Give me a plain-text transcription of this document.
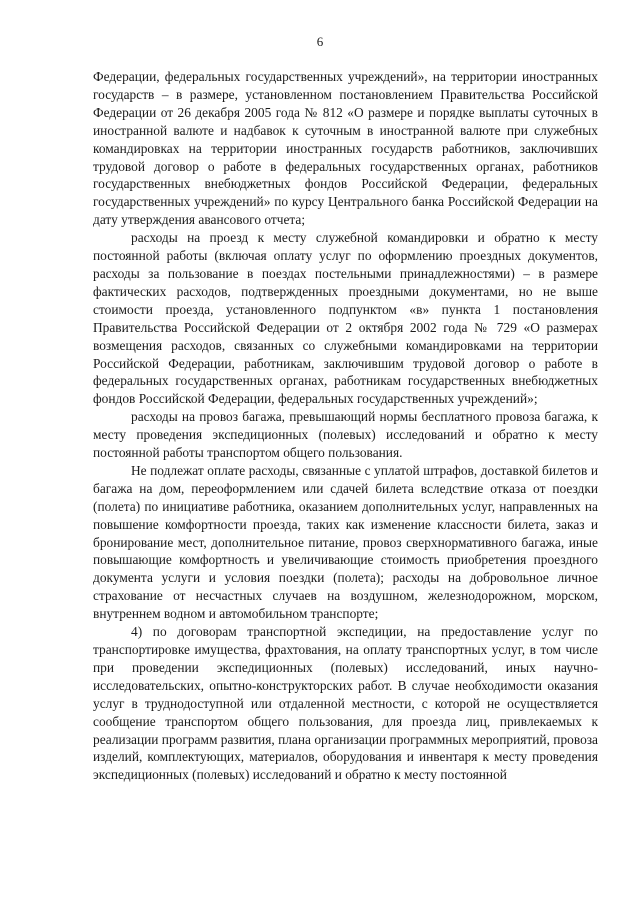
6

Федерации, федеральных государственных учреждений», на территории иностранных государств – в размере, установленном постановлением Правительства Российской Федерации от 26 декабря 2005 года № 812 «О размере и порядке выплаты суточных в иностранной валюте и надбавок к суточным в иностранной валюте при служебных командировках на территории иностранных государств работников, заключивших трудовой договор о работе в федеральных государственных органах, работников государственных внебюджетных фондов Российской Федерации, федеральных государственных учреждений» по курсу Центрального банка Российской Федерации на дату утверждения авансового отчета;

расходы на проезд к месту служебной командировки и обратно к месту постоянной работы (включая оплату услуг по оформлению проездных документов, расходы за пользование в поездах постельными принадлежностями) – в размере фактических расходов, подтвержденных проездными документами, но не выше стоимости проезда, установленного подпунктом «в» пункта 1 постановления Правительства Российской Федерации от 2 октября 2002 года № 729 «О размерах возмещения расходов, связанных со служебными командировками на территории Российской Федерации, работникам, заключившим трудовой договор о работе в федеральных государственных органах, работникам государственных внебюджетных фондов Российской Федерации, федеральных государственных учреждений»;

расходы на провоз багажа, превышающий нормы бесплатного провоза багажа, к месту проведения экспедиционных (полевых) исследований и обратно к месту постоянной работы транспортом общего пользования.

Не подлежат оплате расходы, связанные с уплатой штрафов, доставкой билетов и багажа на дом, переоформлением или сдачей билета вследствие отказа от поездки (полета) по инициативе работника, оказанием дополнительных услуг, направленных на повышение комфортности проезда, таких как изменение классности билета, заказ и бронирование мест, дополнительное питание, провоз сверхнормативного багажа, иные повышающие комфортность и увеличивающие стоимость приобретения проездного документа услуги и условия поездки (полета); расходы на добровольное личное страхование от несчастных случаев на воздушном, железнодорожном, морском, внутреннем водном и автомобильном транспорте;

4) по договорам транспортной экспедиции, на предоставление услуг по транспортировке имущества, фрахтования, на оплату транспортных услуг, в том числе при проведении экспедиционных (полевых) исследований, иных научно-исследовательских, опытно-конструкторских работ. В случае необходимости оказания услуг в труднодоступной или отдаленной местности, с которой не осуществляется сообщение транспортом общего пользования, для проезда лиц, привлекаемых к реализации программ развития, плана организации программных мероприятий, провоза изделий, комплектующих, материалов, оборудования и инвентаря к месту проведения экспедиционных (полевых) исследований и обратно к месту постоянной
